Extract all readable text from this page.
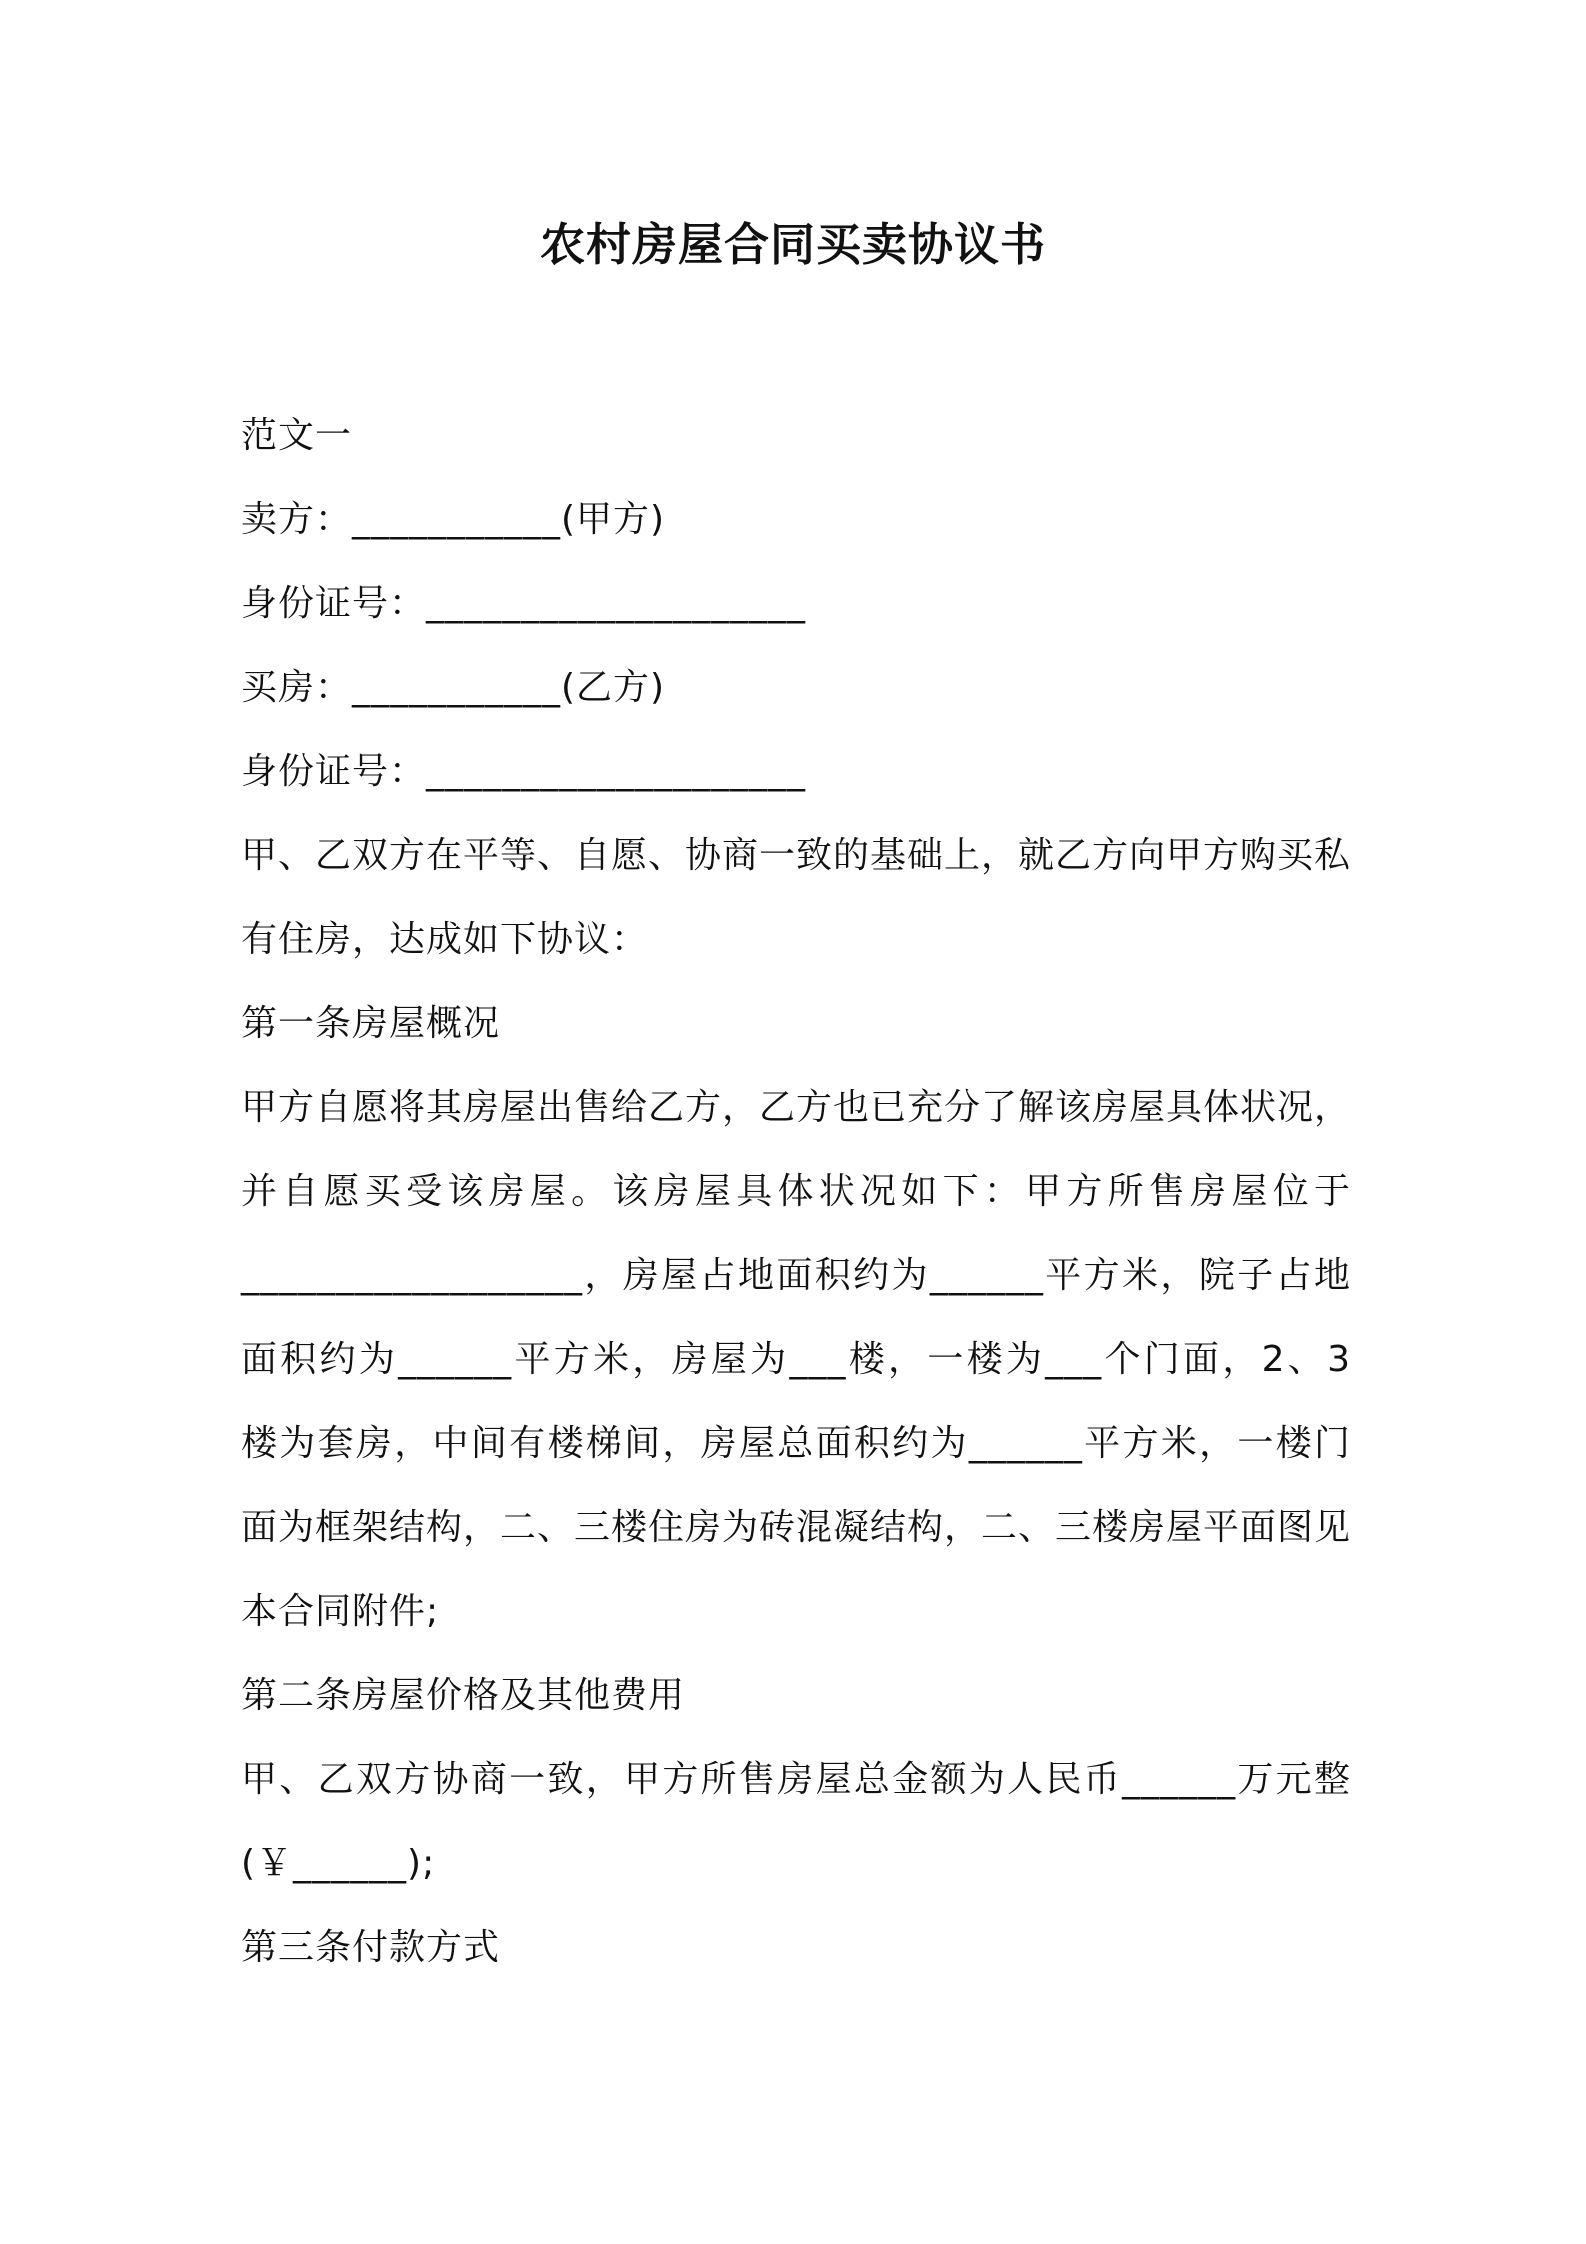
农村房屋合同买卖协议书
范文一
卖方：___________(甲方)
身份证号：____________________
买房：___________(乙方)
身份证号：____________________
甲、乙双方在平等、自愿、协商一致的基础上，就乙方向甲方购买私
有住房，达成如下协议：
第一条房屋概况
甲方自愿将其房屋出售给乙方，乙方也已充分了解该房屋具体状况，
并自愿买受该房屋。该房屋具体状况如下：甲方所售房屋位于
__________________，房屋占地面积约为______平方米，院子占地
面积约为______平方米，房屋为___楼，一楼为___个门面，2、3
楼为套房，中间有楼梯间，房屋总面积约为______平方米，一楼门
面为框架结构，二、三楼住房为砖混凝结构，二、三楼房屋平面图见
本合同附件;
第二条房屋价格及其他费用
甲、乙双方协商一致，甲方所售房屋总金额为人民币______万元整
(￥______);
第三条付款方式
